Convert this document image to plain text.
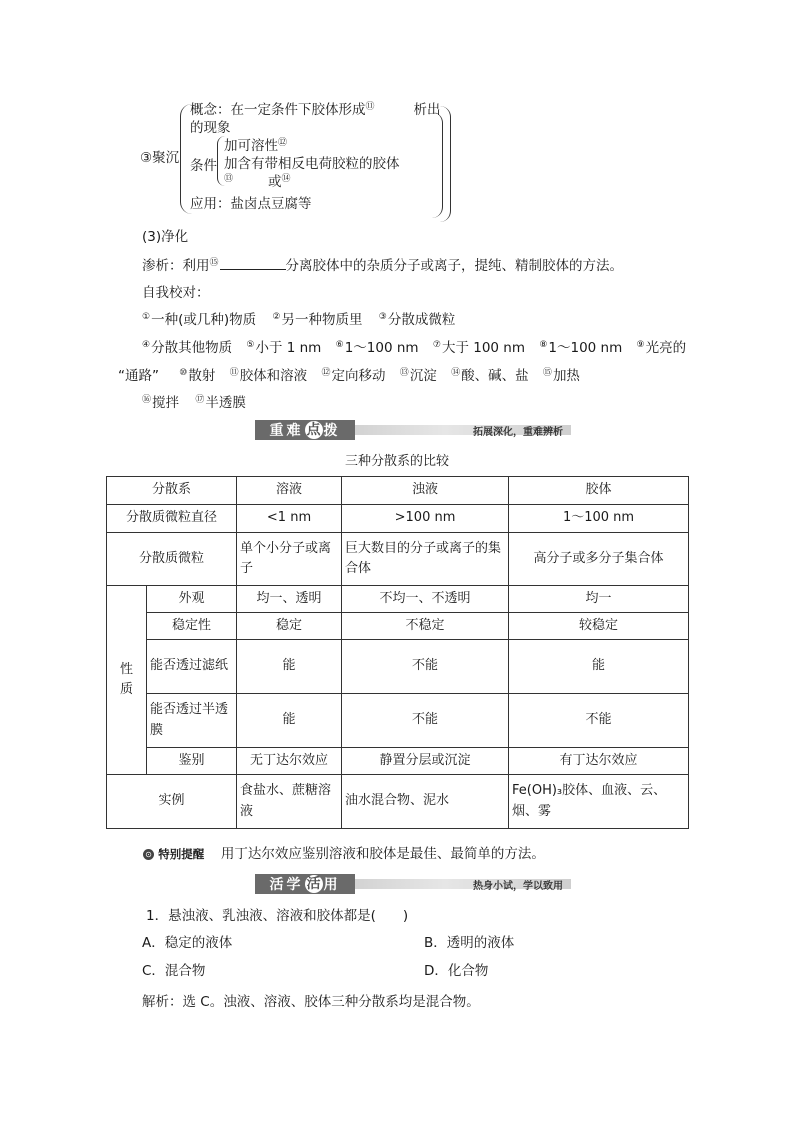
③聚沉
概念：在一定条件下胶体形成⑪	析出
的现象
条件
加可溶性⑫
加含有带相反电荷胶粒的胶体
⑬	或⑭
应用：盐卤点豆腐等
(3)净化
渗析：利用⑮	分离胶体中的杂质分子或离子，提纯、精制胶体的方法。
自我校对：
①一种(或几种)物质 ②另一种物质里 ③分散成微粒
④分散其他物质 ⑤小于 1 nm ⑥1～100 nm ⑦大于 100 nm ⑧1～100 nm ⑨光亮的
“通路” ⑩散射 ⑪胶体和溶液 ⑫定向移动 ⑬沉淀 ⑭酸、碱、盐 ⑮加热
⑯搅拌 ⑰半透膜
重 难 点 拨	拓展深化，重难辨析
三种分散系的比较
分散系		溶液	浊液	胶体
分散质微粒直径		<1 nm	>100 nm	1～100 nm
分散质微粒		单个小分子或离子	巨大数目的分子或离子的集合体	高分子或多分子集合体
性质	外观	均一、透明	不均一、不透明	均一
	稳定性	稳定	不稳定	较稳定
	能否透过滤纸	能	不能	能
	能否透过半透膜	能	不能	不能
	鉴别	无丁达尔效应	静置分层或沉淀	有丁达尔效应
实例		食盐水、蔗糖溶液	油水混合物、泥水	Fe(OH)₃胶体、血液、云、烟、雾
⊙ 特别提醒 用丁达尔效应鉴别溶液和胶体是最佳、最简单的方法。
活 学 活 用	热身小试，学以致用
1．悬浊液、乳浊液、溶液和胶体都是(　　)
A．稳定的液体	B．透明的液体
C．混合物	D．化合物
解析：选 C。浊液、溶液、胶体三种分散系均是混合物。
